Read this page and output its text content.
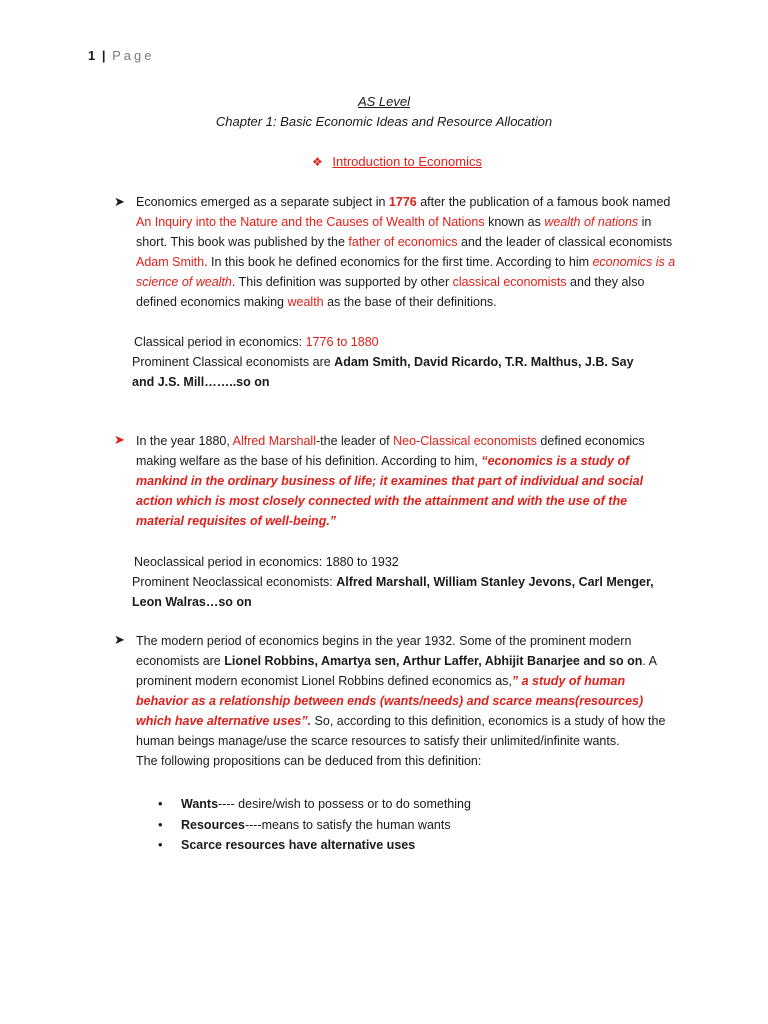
1 | Page
AS Level
Chapter 1: Basic Economic Ideas and Resource Allocation
❖ Introduction to Economics
➤ Economics emerged as a separate subject in 1776 after the publication of a famous book named An Inquiry into the Nature and the Causes of Wealth of Nations known as wealth of nations in short. This book was published by the father of economics and the leader of classical economists Adam Smith. In this book he defined economics for the first time. According to him economics is a science of wealth. This definition was supported by other classical economists and they also defined economics making wealth as the base of their definitions.
Classical period in economics: 1776 to 1880
Prominent Classical economists are Adam Smith, David Ricardo, T.R. Malthus, J.B. Say and J.S. Mill……..so on
➤ In the year 1880, Alfred Marshall-the leader of Neo-Classical economists defined economics making welfare as the base of his definition. According to him, “economics is a study of mankind in the ordinary business of life; it examines that part of individual and social action which is most closely connected with the attainment and with the use of the material requisites of well-being.”
Neoclassical period in economics: 1880 to 1932
Prominent Neoclassical economists: Alfred Marshall, William Stanley Jevons, Carl Menger, Leon Walras…so on
➤ The modern period of economics begins in the year 1932. Some of the prominent modern economists are Lionel Robbins, Amartya sen, Arthur Laffer, Abhijit Banarjee and so on. A prominent modern economist Lionel Robbins defined economics as,” a study of human behavior as a relationship between ends (wants/needs) and scarce means(resources) which have alternative uses”. So, according to this definition, economics is a study of how the human beings manage/use the scarce resources to satisfy their unlimited/infinite wants.
The following propositions can be deduced from this definition:
•	Wants---- desire/wish to possess or to do something
•	Resources----means to satisfy the human wants
•	Scarce resources have alternative uses
